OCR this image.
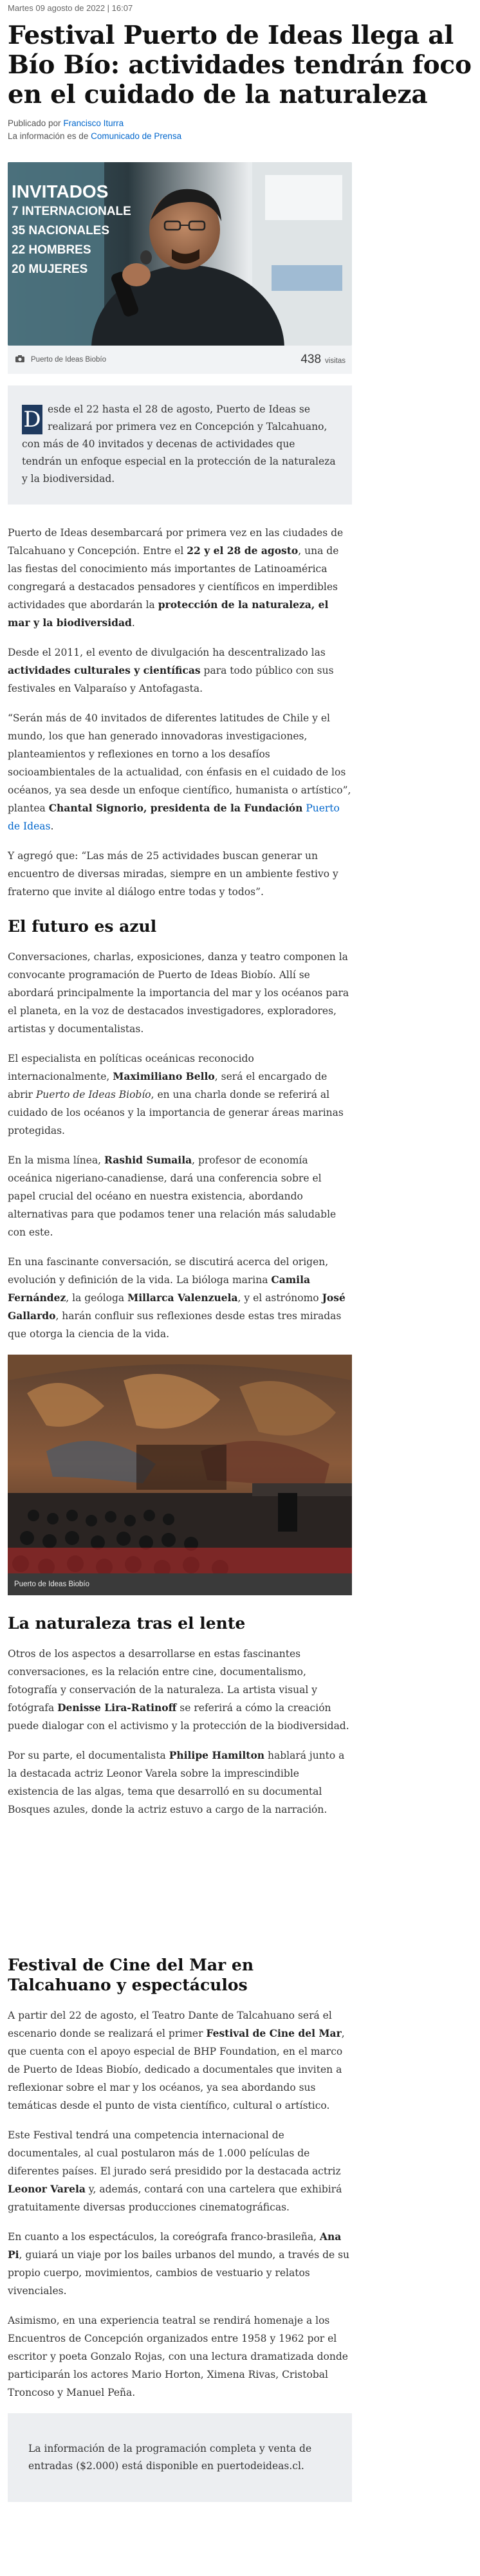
Martes 09 agosto de 2022 | 16:07
Festival Puerto de Ideas llega al Bío Bío: actividades tendrán foco en el cuidado de la naturaleza
Publicado por Francisco Iturra
La información es de Comunicado de Prensa
INVITADOS
7 INTERNACIONALE
35 NACIONALES
22 HOMBRES
20 MUJERES
Puerto de Ideas Biobío	438 visitas
D esde el 22 hasta el 28 de agosto, Puerto de Ideas se realizará por primera vez en Concepción y Talcahuano, con más de 40 invitados y decenas de actividades que tendrán un enfoque especial en la protección de la naturaleza y la biodiversidad.

Puerto de Ideas desembarcará por primera vez en las ciudades de Talcahuano y Concepción. Entre el 22 y el 28 de agosto, una de las fiestas del conocimiento más importantes de Latinoamérica congregará a destacados pensadores y científicos en imperdibles actividades que abordarán la protección de la naturaleza, el mar y la biodiversidad.

Desde el 2011, el evento de divulgación ha descentralizado las actividades culturales y científicas para todo público con sus festivales en Valparaíso y Antofagasta.

“Serán más de 40 invitados de diferentes latitudes de Chile y el mundo, los que han generado innovadoras investigaciones, planteamientos y reflexiones en torno a los desafíos socioambientales de la actualidad, con énfasis en el cuidado de los océanos, ya sea desde un enfoque científico, humanista o artístico”, plantea Chantal Signorio, presidenta de la Fundación Puerto de Ideas.

Y agregó que: “Las más de 25 actividades buscan generar un encuentro de diversas miradas, siempre en un ambiente festivo y fraterno que invite al diálogo entre todas y todos”.

El futuro es azul

Conversaciones, charlas, exposiciones, danza y teatro componen la convocante programación de Puerto de Ideas Biobío. Allí se abordará principalmente la importancia del mar y los océanos para el planeta, en la voz de destacados investigadores, exploradores, artistas y documentalistas.

El especialista en políticas oceánicas reconocido internacionalmente, Maximiliano Bello, será el encargado de abrir Puerto de Ideas Biobío, en una charla donde se referirá al cuidado de los océanos y la importancia de generar áreas marinas protegidas.

En la misma línea, Rashid Sumaila, profesor de economía oceánica nigeriano-canadiense, dará una conferencia sobre el papel crucial del océano en nuestra existencia, abordando alternativas para que podamos tener una relación más saludable con este.

En una fascinante conversación, se discutirá acerca del origen, evolución y definición de la vida. La bióloga marina Camila Fernández, la geóloga Millarca Valenzuela, y el astrónomo José Gallardo, harán confluir sus reflexiones desde estas tres miradas que otorga la ciencia de la vida.

Puerto de Ideas Biobío
La naturaleza tras el lente

Otros de los aspectos a desarrollarse en estas fascinantes conversaciones, es la relación entre cine, documentalismo, fotografía y conservación de la naturaleza. La artista visual y fotógrafa Denisse Lira-Ratinoff se referirá a cómo la creación puede dialogar con el activismo y la protección de la biodiversidad.

Por su parte, el documentalista Philipe Hamilton hablará junto a la destacada actriz Leonor Varela sobre la imprescindible existencia de las algas, tema que desarrolló en su documental Bosques azules, donde la actriz estuvo a cargo de la narración.

Festival de Cine del Mar en Talcahuano y espectáculos

A partir del 22 de agosto, el Teatro Dante de Talcahuano será el escenario donde se realizará el primer Festival de Cine del Mar, que cuenta con el apoyo especial de BHP Foundation, en el marco de Puerto de Ideas Biobío, dedicado a documentales que inviten a reflexionar sobre el mar y los océanos, ya sea abordando sus temáticas desde el punto de vista científico, cultural o artístico.

Este Festival tendrá una competencia internacional de documentales, al cual postularon más de 1.000 películas de diferentes países. El jurado será presidido por la destacada actriz Leonor Varela y, además, contará con una cartelera que exhibirá gratuitamente diversas producciones cinematográficas.

En cuanto a los espectáculos, la coreógrafa franco-brasileña, Ana Pi, guiará un viaje por los bailes urbanos del mundo, a través de su propio cuerpo, movimientos, cambios de vestuario y relatos vivenciales.

Asimismo, en una experiencia teatral se rendirá homenaje a los Encuentros de Concepción organizados entre 1958 y 1962 por el escritor y poeta Gonzalo Rojas, con una lectura dramatizada donde participarán los actores Mario Horton, Ximena Rivas, Cristobal Troncoso y Manuel Peña.

La información de la programación completa y venta de entradas ($2.000) está disponible en puertodeideas.cl.
